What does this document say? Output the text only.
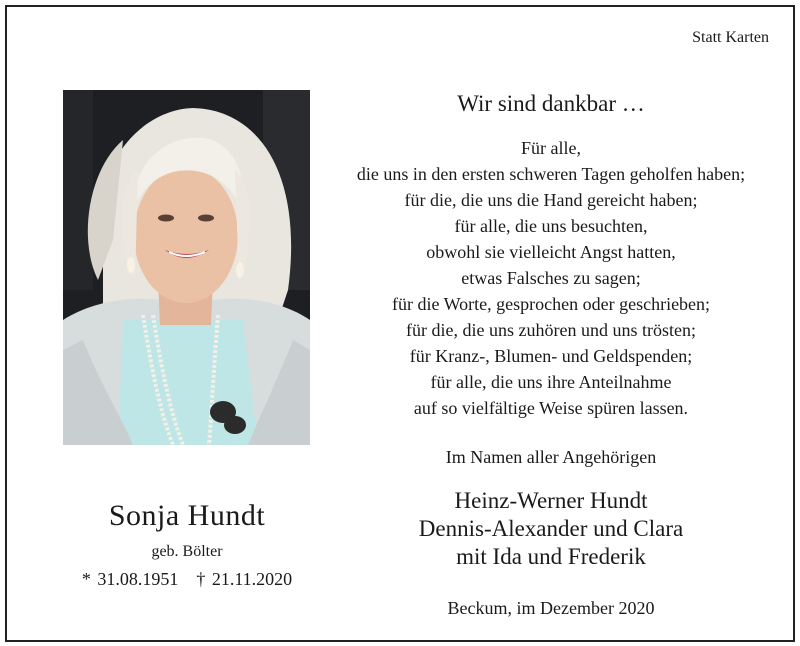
Statt Karten
Sonja Hundt
geb. Bölter
* 31.08.1951 † 21.11.2020
Wir sind dankbar …
Für alle,
die uns in den ersten schweren Tagen geholfen haben;
für die, die uns die Hand gereicht haben;
für alle, die uns besuchten,
obwohl sie vielleicht Angst hatten,
etwas Falsches zu sagen;
für die Worte, gesprochen oder geschrieben;
für die, die uns zuhören und uns trösten;
für Kranz-, Blumen- und Geldspenden;
für alle, die uns ihre Anteilnahme
auf so vielfältige Weise spüren lassen.
Im Namen aller Angehörigen
Heinz-Werner Hundt
Dennis-Alexander und Clara
mit Ida und Frederik
Beckum, im Dezember 2020
